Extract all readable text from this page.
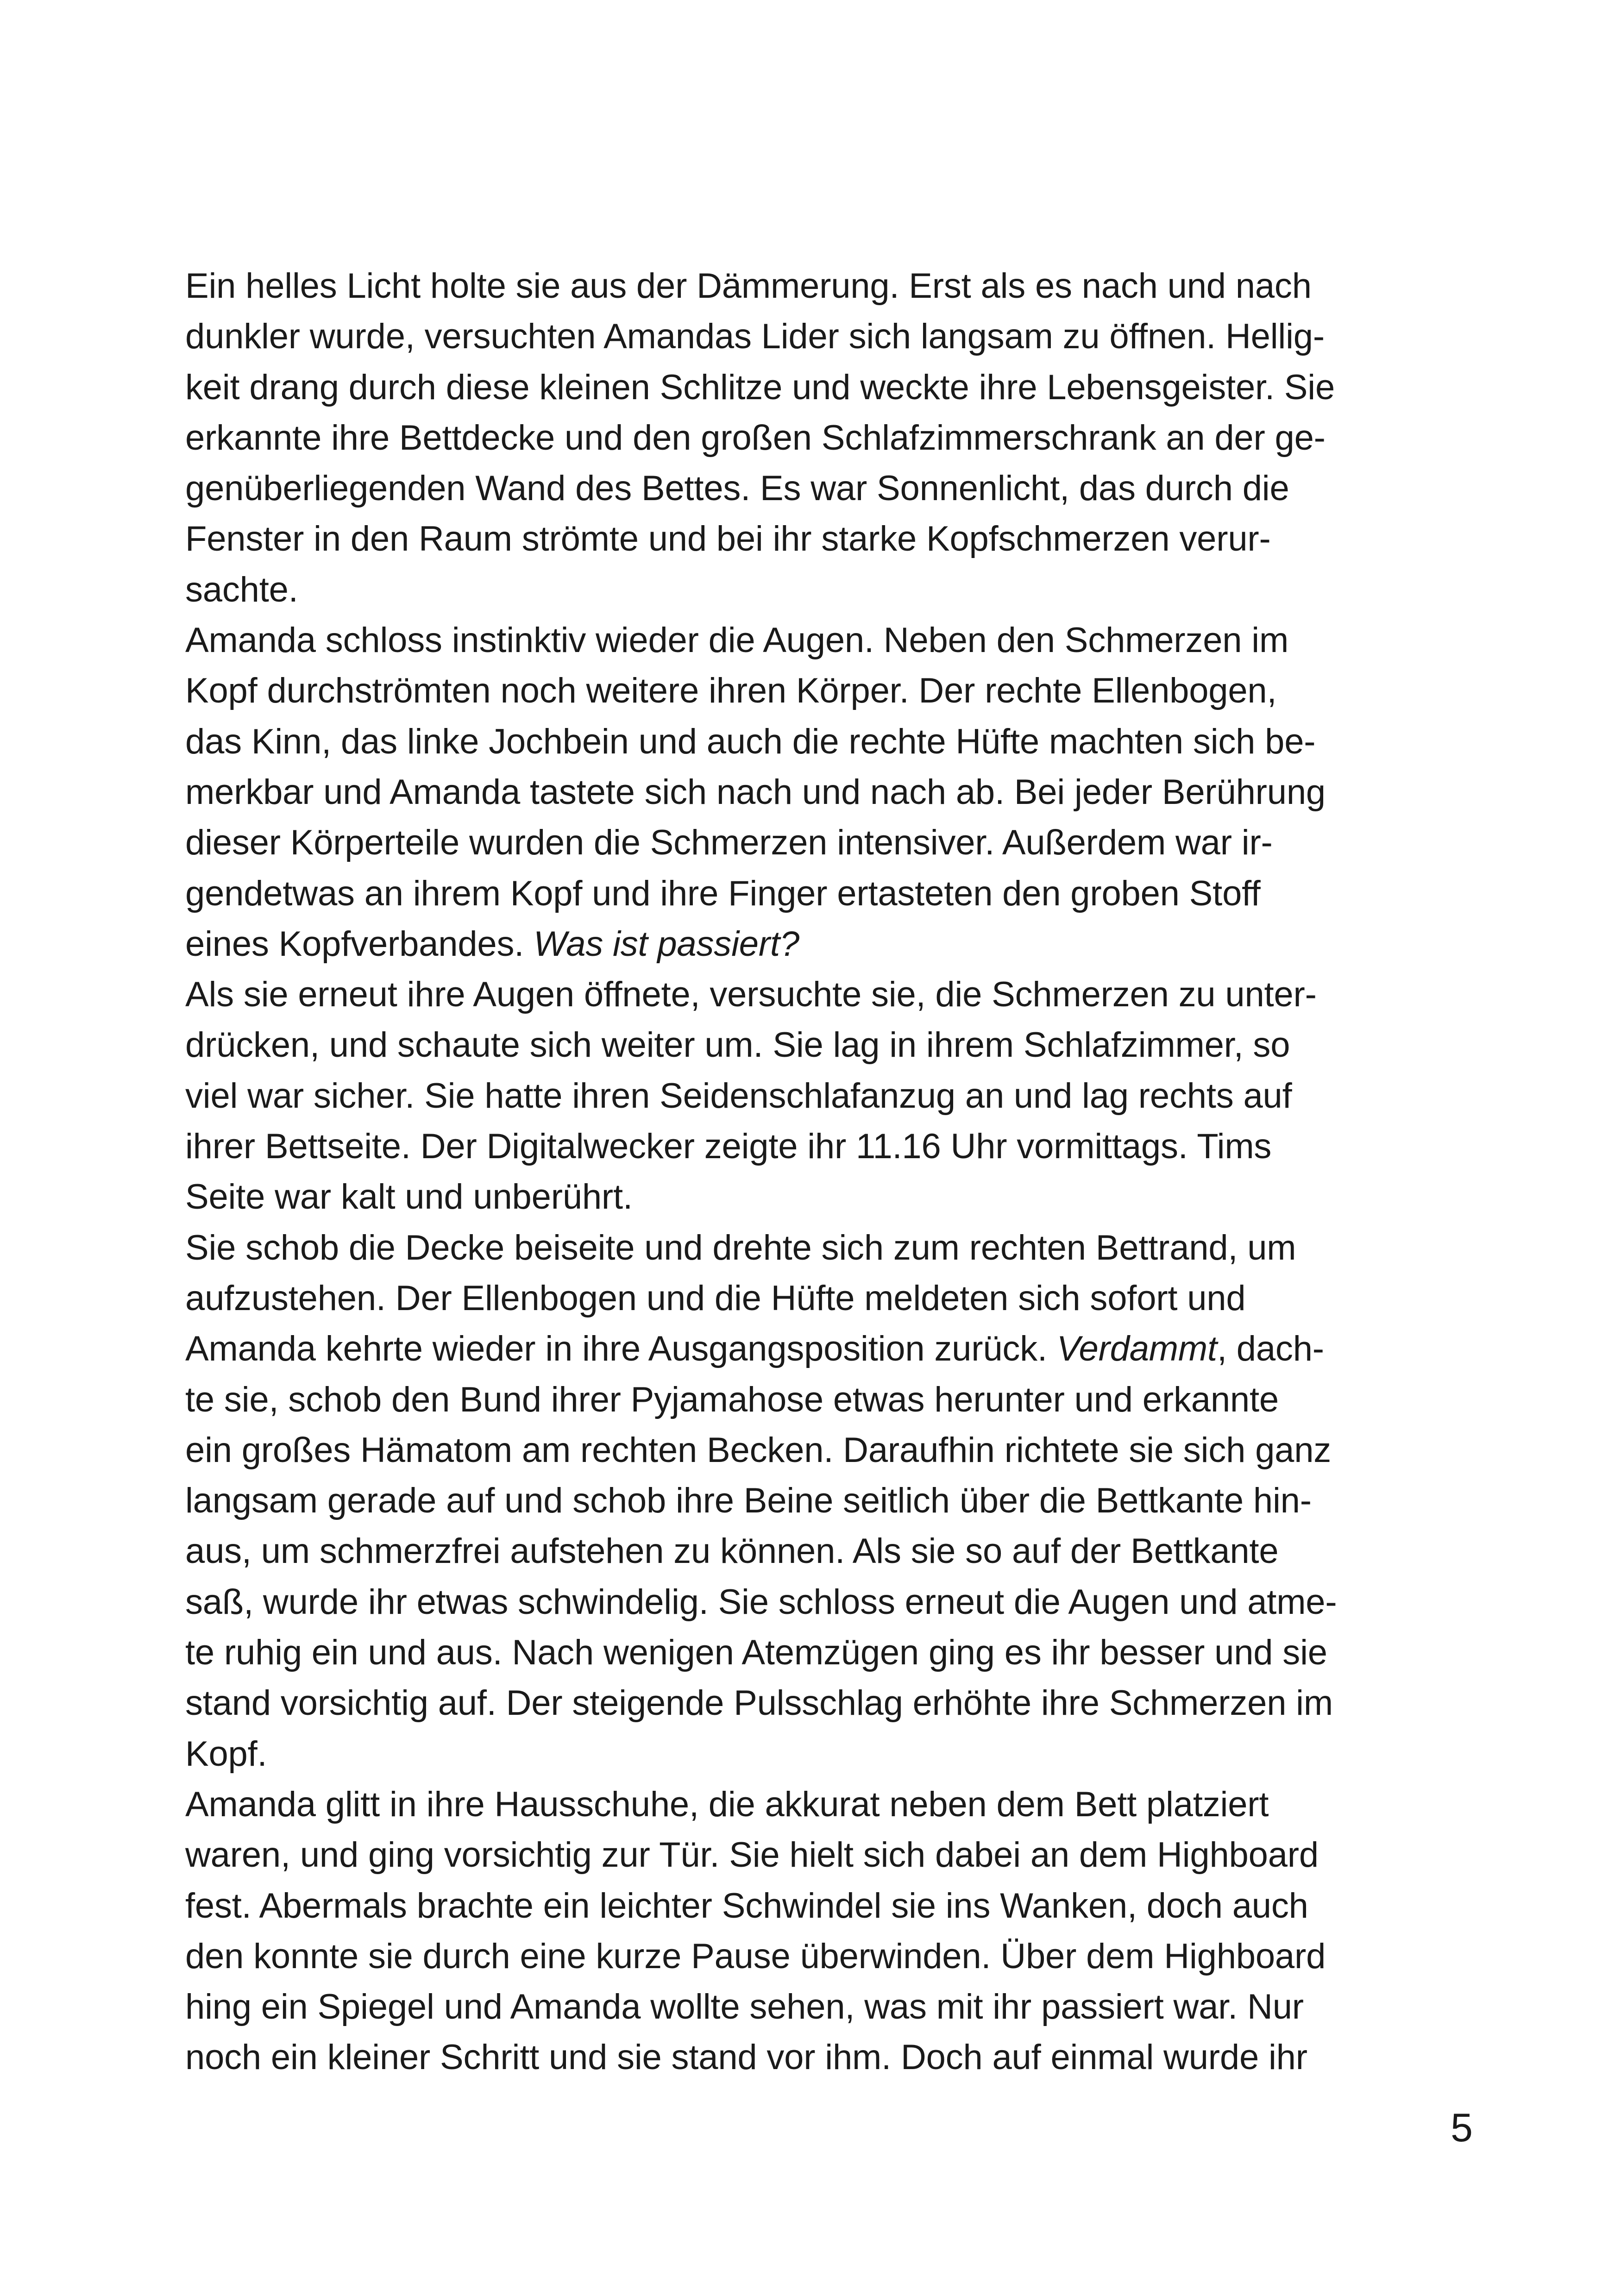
Ein helles Licht holte sie aus der Dämmerung. Erst als es nach und nach
dunkler wurde, versuchten Amandas Lider sich langsam zu öffnen. Hellig-
keit drang durch diese kleinen Schlitze und weckte ihre Lebensgeister. Sie
erkannte ihre Bettdecke und den großen Schlafzimmerschrank an der ge-
genüberliegenden Wand des Bettes. Es war Sonnenlicht, das durch die
Fenster in den Raum strömte und bei ihr starke Kopfschmerzen verur-
sachte.
Amanda schloss instinktiv wieder die Augen. Neben den Schmerzen im
Kopf durchströmten noch weitere ihren Körper. Der rechte Ellenbogen,
das Kinn, das linke Jochbein und auch die rechte Hüfte machten sich be-
merkbar und Amanda tastete sich nach und nach ab. Bei jeder Berührung
dieser Körperteile wurden die Schmerzen intensiver. Außerdem war ir-
gendetwas an ihrem Kopf und ihre Finger ertasteten den groben Stoff
eines Kopfverbandes. Was ist passiert?
Als sie erneut ihre Augen öffnete, versuchte sie, die Schmerzen zu unter-
drücken, und schaute sich weiter um. Sie lag in ihrem Schlafzimmer, so
viel war sicher. Sie hatte ihren Seidenschlafanzug an und lag rechts auf
ihrer Bettseite. Der Digitalwecker zeigte ihr 11.16 Uhr vormittags. Tims
Seite war kalt und unberührt.
Sie schob die Decke beiseite und drehte sich zum rechten Bettrand, um
aufzustehen. Der Ellenbogen und die Hüfte meldeten sich sofort und
Amanda kehrte wieder in ihre Ausgangsposition zurück. Verdammt, dach-
te sie, schob den Bund ihrer Pyjamahose etwas herunter und erkannte
ein großes Hämatom am rechten Becken. Daraufhin richtete sie sich ganz
langsam gerade auf und schob ihre Beine seitlich über die Bettkante hin-
aus, um schmerzfrei aufstehen zu können. Als sie so auf der Bettkante
saß, wurde ihr etwas schwindelig. Sie schloss erneut die Augen und atme-
te ruhig ein und aus. Nach wenigen Atemzügen ging es ihr besser und sie
stand vorsichtig auf. Der steigende Pulsschlag erhöhte ihre Schmerzen im
Kopf.
Amanda glitt in ihre Hausschuhe, die akkurat neben dem Bett platziert
waren, und ging vorsichtig zur Tür. Sie hielt sich dabei an dem Highboard
fest. Abermals brachte ein leichter Schwindel sie ins Wanken, doch auch
den konnte sie durch eine kurze Pause überwinden. Über dem Highboard
hing ein Spiegel und Amanda wollte sehen, was mit ihr passiert war. Nur
noch ein kleiner Schritt und sie stand vor ihm. Doch auf einmal wurde ihr
5
